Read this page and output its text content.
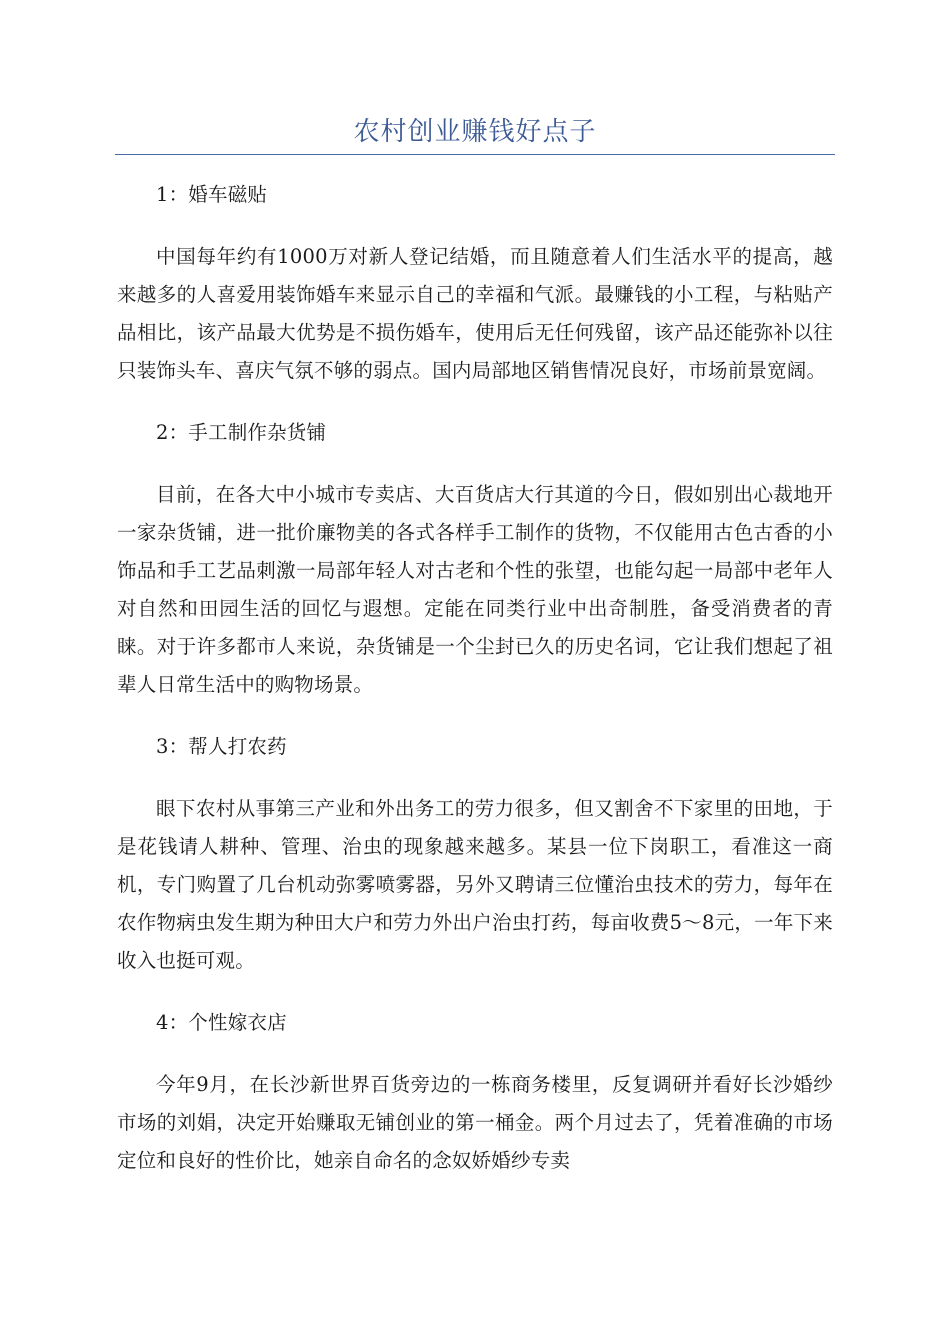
农村创业赚钱好点子

1：婚车磁贴

中国每年约有1000万对新人登记结婚，而且随意着人们生活水平的提高，越来越多的人喜爱用装饰婚车来显示自己的幸福和气派。最赚钱的小工程，与粘贴产品相比，该产品最大优势是不损伤婚车，使用后无任何残留，该产品还能弥补以往只装饰头车、喜庆气氛不够的弱点。国内局部地区销售情况良好，市场前景宽阔。

2：手工制作杂货铺

目前，在各大中小城市专卖店、大百货店大行其道的今日，假如别出心裁地开一家杂货铺，进一批价廉物美的各式各样手工制作的货物，不仅能用古色古香的小饰品和手工艺品刺激一局部年轻人对古老和个性的张望，也能勾起一局部中老年人对自然和田园生活的回忆与遐想。定能在同类行业中出奇制胜，备受消费者的青睐。对于许多都市人来说，杂货铺是一个尘封已久的历史名词，它让我们想起了祖辈人日常生活中的购物场景。

3：帮人打农药

眼下农村从事第三产业和外出务工的劳力很多，但又割舍不下家里的田地，于是花钱请人耕种、管理、治虫的现象越来越多。某县一位下岗职工，看准这一商机，专门购置了几台机动弥雾喷雾器，另外又聘请三位懂治虫技术的劳力，每年在农作物病虫发生期为种田大户和劳力外出户治虫打药，每亩收费5～8元，一年下来收入也挺可观。

4：个性嫁衣店

今年9月，在长沙新世界百货旁边的一栋商务楼里，反复调研并看好长沙婚纱市场的刘娟，决定开始赚取无铺创业的第一桶金。两个月过去了，凭着准确的市场定位和良好的性价比，她亲自命名的念奴娇婚纱专卖
